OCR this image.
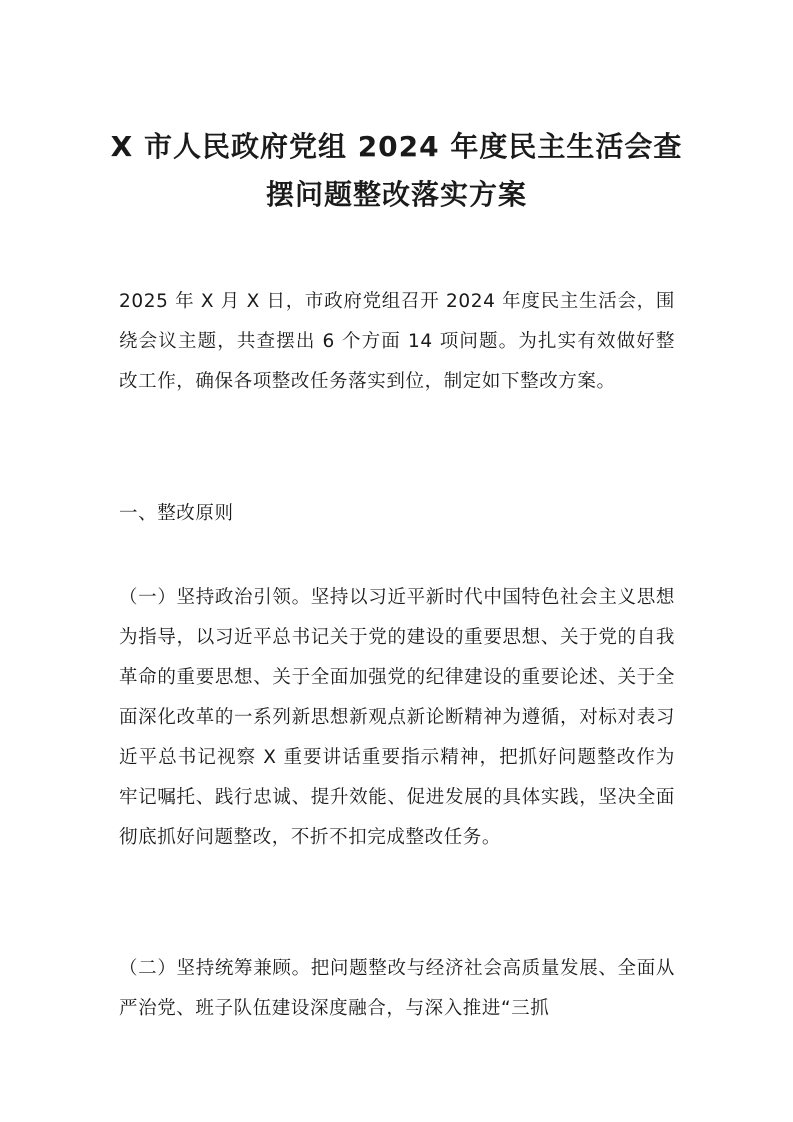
X 市人民政府党组 2024 年度民主生活会查
摆问题整改落实方案

2025 年 X 月 X 日，市政府党组召开 2024 年度民主生活会，围绕会议主题，共查摆出 6 个方面 14 项问题。为扎实有效做好整改工作，确保各项整改任务落实到位，制定如下整改方案。

一、整改原则

（一）坚持政治引领。坚持以习近平新时代中国特色社会主义思想为指导，以习近平总书记关于党的建设的重要思想、关于党的自我革命的重要思想、关于全面加强党的纪律建设的重要论述、关于全面深化改革的一系列新思想新观点新论断精神为遵循，对标对表习近平总书记视察 X 重要讲话重要指示精神，把抓好问题整改作为牢记嘱托、践行忠诚、提升效能、促进发展的具体实践，坚决全面彻底抓好问题整改，不折不扣完成整改任务。

（二）坚持统筹兼顾。把问题整改与经济社会高质量发展、全面从严治党、班子队伍建设深度融合，与深入推进“三抓
